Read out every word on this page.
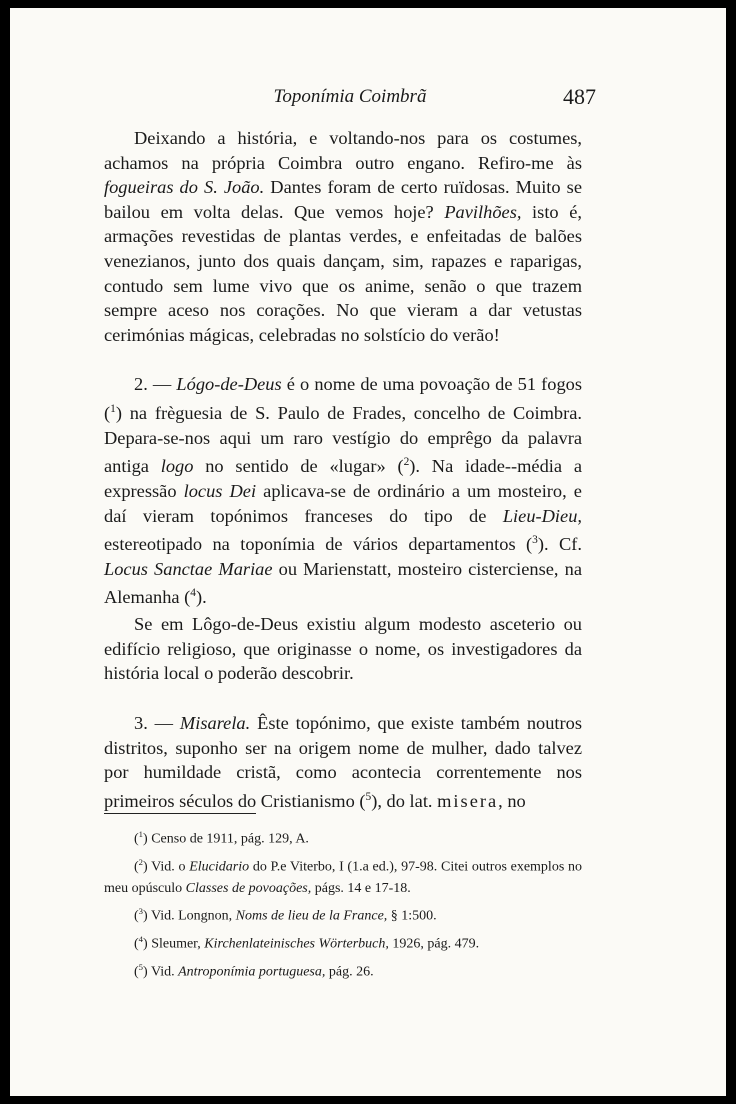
Toponímia Coimbrã	487

Deixando a história, e voltando-nos para os costumes, achamos na própria Coimbra outro engano. Refiro-me às fogueiras do S. João. Dantes foram de certo ruïdosas. Muito se bailou em volta delas. Que vemos hoje? Pavilhões, isto é, armações revestidas de plantas verdes, e enfeitadas de balões venezianos, junto dos quais dançam, sim, rapazes e raparigas, contudo sem lume vivo que os anime, senão o que trazem sempre aceso nos corações. No que vieram a dar vetustas cerimónias mágicas, celebradas no solstício do verão!

2. — Lógo-de-Deus é o nome de uma povoação de 51 fogos ($^1$) na frèguesia de S. Paulo de Frades, concelho de Coimbra. Depara-se-nos aqui um raro vestígio do emprêgo da palavra antiga logo no sentido de «lugar» ($^2$). Na idade--média a expressão locus Dei aplicava-se de ordinário a um mosteiro, e daí vieram topónimos franceses do tipo de Lieu-Dieu, estereotipado na toponímia de vários departamentos ($^3$). Cf. Locus Sanctae Mariae ou Marienstatt, mosteiro cisterciense, na Alemanha ($^4$).

Se em Lôgo-de-Deus existiu algum modesto asceterio ou edifício religioso, que originasse o nome, os investigadores da história local o poderão descobrir.

3. — Misarela. Êste topónimo, que existe também noutros distritos, suponho ser na origem nome de mulher, dado talvez por humildade cristã, como acontecia correntemente nos primeiros séculos do Cristianismo ($^5$), do lat. misera, no

($^1$) Censo de 1911, pág. 129, A.

($^2$) Vid. o Elucidario do P.e Viterbo, I (1.a ed.), 97-98. Citei outros exemplos no meu opúsculo Classes de povoações, págs. 14 e 17-18.

($^3$) Vid. Longnon, Noms de lieu de la France, § 1:500.

($^4$) Sleumer, Kirchenlateinisches Wörterbuch, 1926, pág. 479.

($^5$) Vid. Antroponímia portuguesa, pág. 26.
